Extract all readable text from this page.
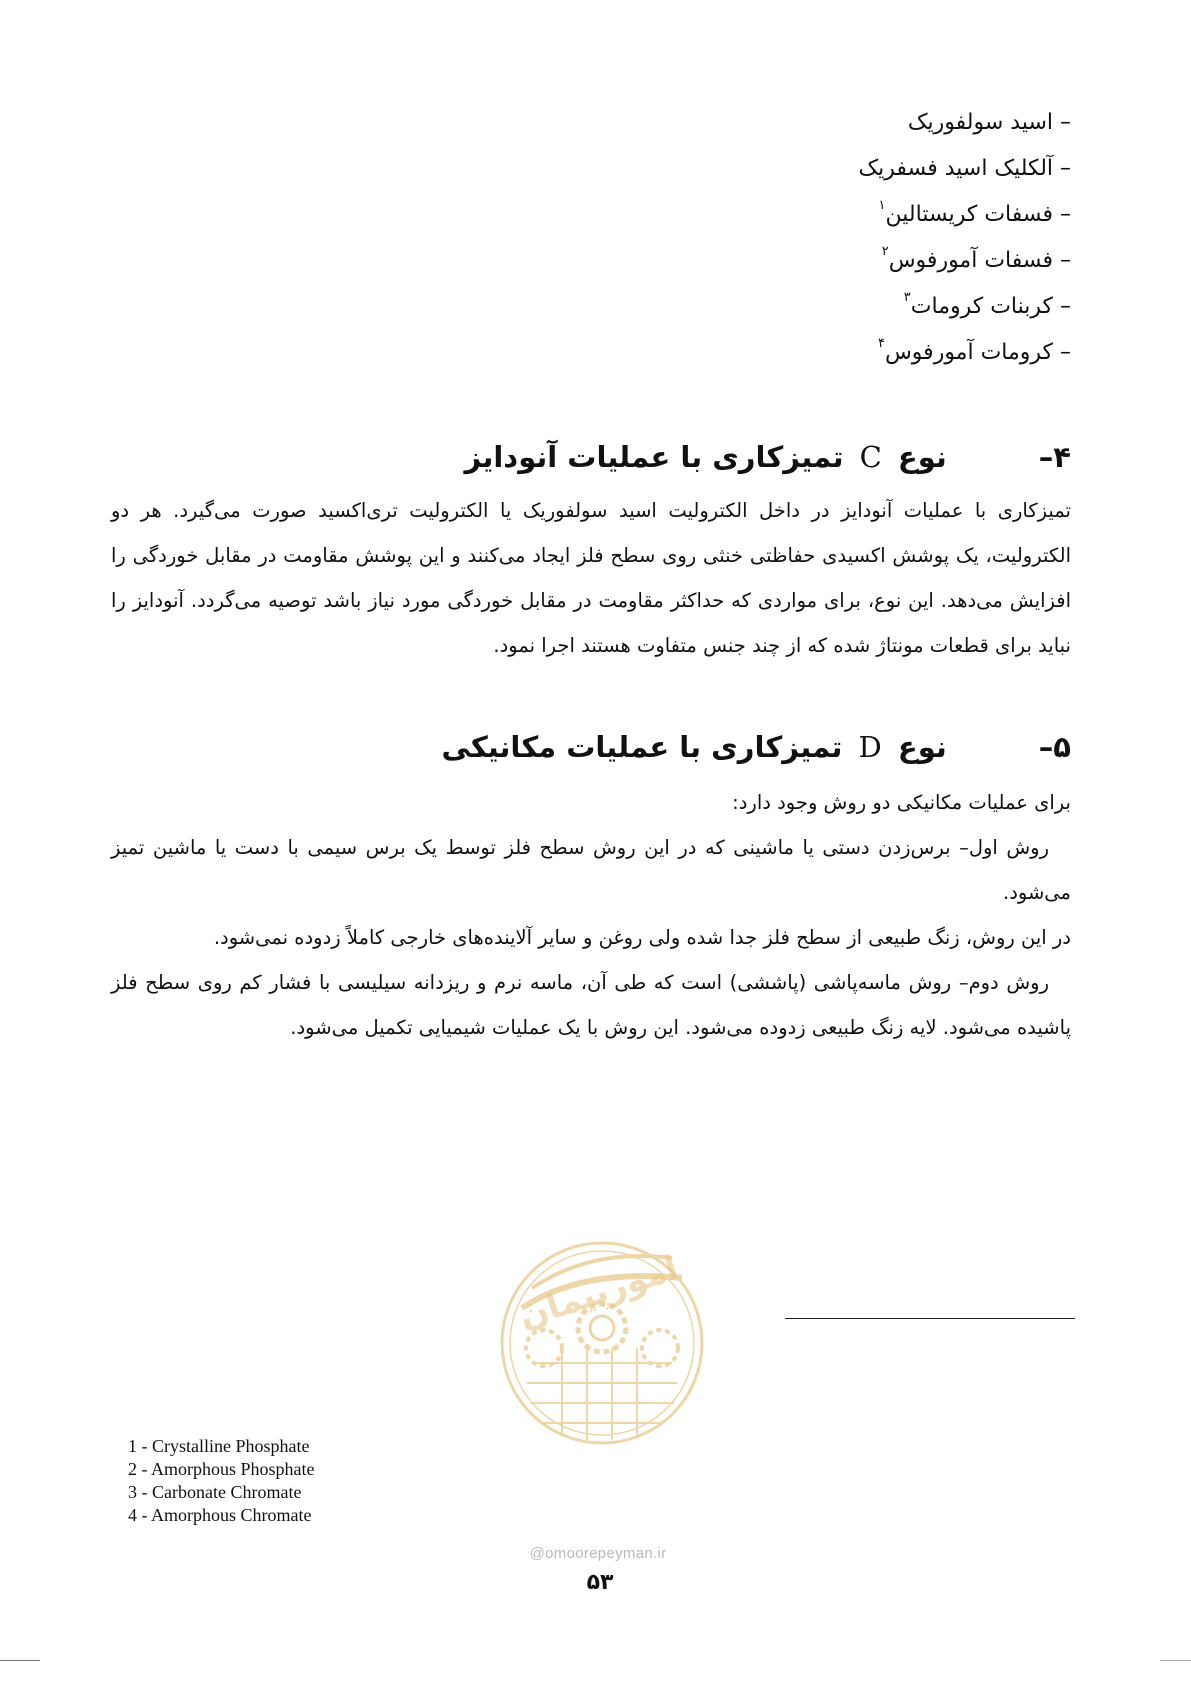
– اسید سولفوریک
– آلکلیک اسید فسفریک
– فسفات کریستالین$^۱$
– فسفات آمورفوس$^۲$
– کربنات کرومات$^۳$
– کرومات آمورفوس$^۴$
۴–  نوع C تمیزکاری با عملیات آنودایز

تمیزکاری با عملیات آنودایز در داخل الکترولیت اسید سولفوریک یا الکترولیت تری‌اکسید صورت می‌گیرد. هر دو الکترولیت، یک پوشش اکسیدی حفاظتی خنثی روی سطح فلز ایجاد می‌کنند و این پوشش مقاومت در مقابل خوردگی را افزایش می‌دهد. این نوع، برای مواردی که حداکثر مقاومت در مقابل خوردگی مورد نیاز باشد توصیه می‌گردد. آنودایز را نباید برای قطعات مونتاژ شده که از چند جنس متفاوت هستند اجرا نمود.

۵–  نوع D تمیزکاری با عملیات مکانیکی

برای عملیات مکانیکی دو روش وجود دارد:

روش اول– برس‌زدن دستی یا ماشینی که در این روش سطح فلز توسط یک برس سیمی با دست یا ماشین تمیز می‌شود.

در این روش، زنگ طبیعی از سطح فلز جدا شده ولی روغن و سایر آلاینده‌های خارجی کاملاً زدوده نمی‌شود.

روش دوم– روش ماسه‌پاشی (پاششی) است که طی آن، ماسه نرم و ریزدانه سیلیسی با فشار کم روی سطح فلز پاشیده می‌شود. لایه زنگ طبیعی زدوده می‌شود. این روش با یک عملیات شیمیایی تکمیل می‌شود.

امورپیمان
@omoorepeyman.ir
1 - Crystalline Phosphate
2 - Amorphous Phosphate
3 - Carbonate Chromate
4 - Amorphous Chromate
۵۳
